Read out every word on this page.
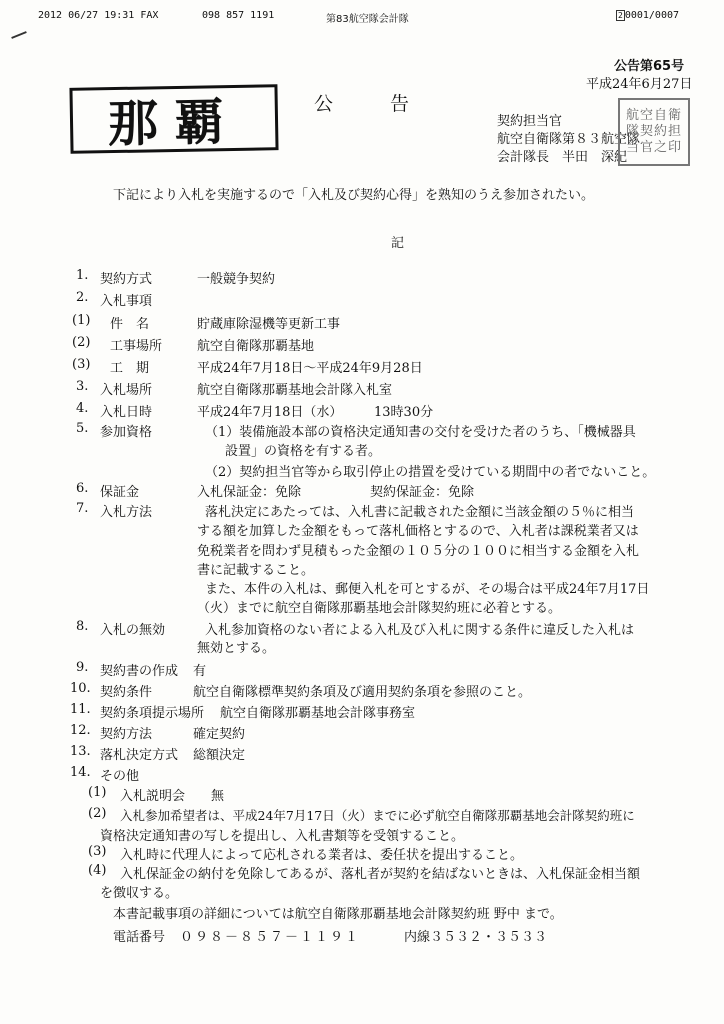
2012 06/27 19:31 FAX	098 857 1191	第83航空隊会計隊	2 0001/0007
公告第65号
平成24年6月27日
那覇	公　　　告
契約担当官
航空自衛隊第８３航空隊
会計隊長　半田　深紀
航空自衛隊契約担当官之印
下記により入札を実施するので「入札及び契約心得」を熟知のうえ参加されたい。
記
1. 契約方式	一般競争契約
2. 入札事項
(1) 件　名	貯蔵庫除湿機等更新工事
(2) 工事場所	航空自衛隊那覇基地
(3) 工　期	平成24年7月18日～平成24年9月28日
3. 入札場所	航空自衛隊那覇基地会計隊入札室
4. 入札日時	平成24年7月18日（水） 13時30分
5. 参加資格	（1）装備施設本部の資格決定通知書の交付を受けた者のうち、「機械器具
設置」の資格を有する者。
（2）契約担当官等から取引停止の措置を受けている期間中の者でないこと。
6. 保証金	入札保証金：免除	契約保証金：免除
7. 入札方法	落札決定にあたっては、入札書に記載された金額に当該金額の５％に相当
する額を加算した金額をもって落札価格とするので、入札者は課税業者又は
免税業者を問わず見積もった金額の１０５分の１００に相当する金額を入札
書に記載すること。
また、本件の入札は、郵便入札を可とするが、その場合は平成24年7月17日
（火）までに航空自衛隊那覇基地会計隊契約班に必着とする。
8. 入札の無効	入札参加資格のない者による入札及び入札に関する条件に違反した入札は
無効とする。
9. 契約書の作成 有
10. 契約条件	航空自衛隊標準契約条項及び適用契約条項を参照のこと。
11. 契約条項提示場所 航空自衛隊那覇基地会計隊事務室
12. 契約方法	確定契約
13. 落札決定方式 総額決定
14. その他
(1) 入札説明会　　無
(2) 入札参加希望者は、平成24年7月17日（火）までに必ず航空自衛隊那覇基地会計隊契約班に
資格決定通知書の写しを提出し、入札書類等を受領すること。
(3) 入札時に代理人によって応札される業者は、委任状を提出すること。
(4) 入札保証金の納付を免除してあるが、落札者が契約を結ばないときは、入札保証金相当額
を徴収する。
本書記載事項の詳細については航空自衛隊那覇基地会計隊契約班 野中 まで。
電話番号 ０９８－８５７－１１９１	内線３５３２・３５３３
